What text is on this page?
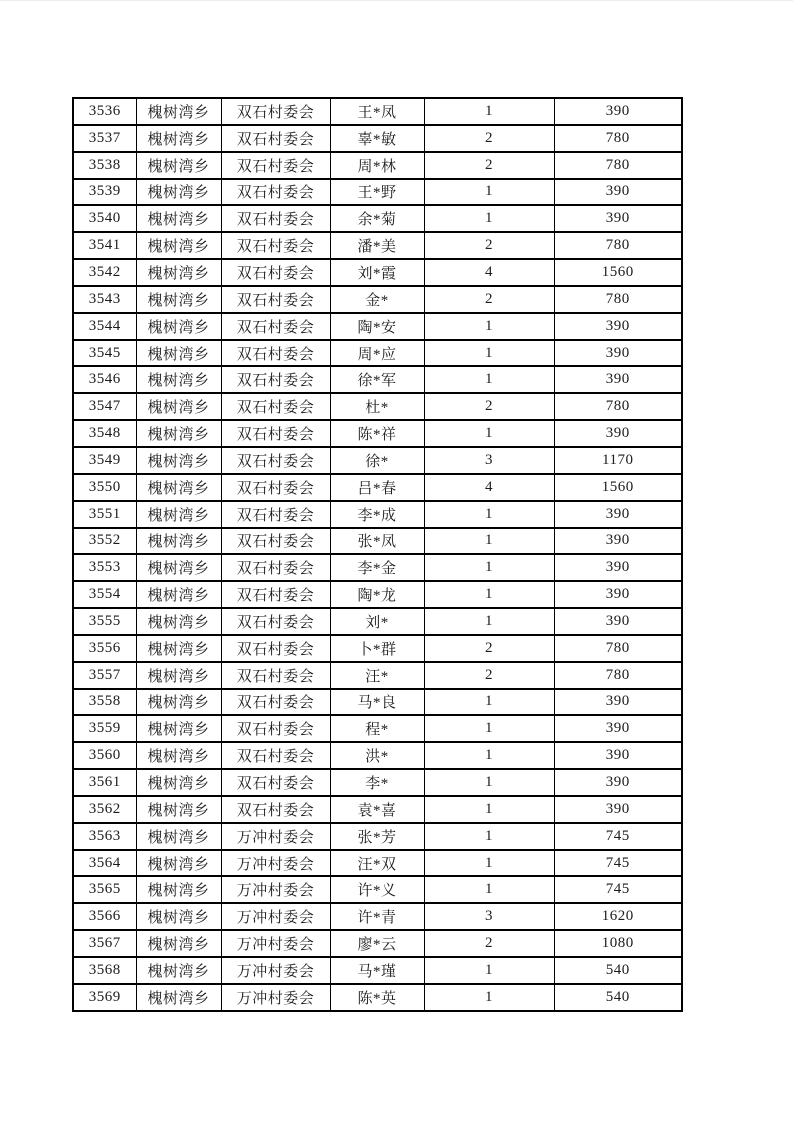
3536	槐树湾乡	双石村委会	王*凤	1	390
3537	槐树湾乡	双石村委会	辜*敏	2	780
3538	槐树湾乡	双石村委会	周*林	2	780
3539	槐树湾乡	双石村委会	王*野	1	390
3540	槐树湾乡	双石村委会	余*菊	1	390
3541	槐树湾乡	双石村委会	潘*美	2	780
3542	槐树湾乡	双石村委会	刘*霞	4	1560
3543	槐树湾乡	双石村委会	金*	2	780
3544	槐树湾乡	双石村委会	陶*安	1	390
3545	槐树湾乡	双石村委会	周*应	1	390
3546	槐树湾乡	双石村委会	徐*军	1	390
3547	槐树湾乡	双石村委会	杜*	2	780
3548	槐树湾乡	双石村委会	陈*祥	1	390
3549	槐树湾乡	双石村委会	徐*	3	1170
3550	槐树湾乡	双石村委会	吕*春	4	1560
3551	槐树湾乡	双石村委会	李*成	1	390
3552	槐树湾乡	双石村委会	张*凤	1	390
3553	槐树湾乡	双石村委会	李*金	1	390
3554	槐树湾乡	双石村委会	陶*龙	1	390
3555	槐树湾乡	双石村委会	刘*	1	390
3556	槐树湾乡	双石村委会	卜*群	2	780
3557	槐树湾乡	双石村委会	汪*	2	780
3558	槐树湾乡	双石村委会	马*良	1	390
3559	槐树湾乡	双石村委会	程*	1	390
3560	槐树湾乡	双石村委会	洪*	1	390
3561	槐树湾乡	双石村委会	李*	1	390
3562	槐树湾乡	双石村委会	袁*喜	1	390
3563	槐树湾乡	万冲村委会	张*芳	1	745
3564	槐树湾乡	万冲村委会	汪*双	1	745
3565	槐树湾乡	万冲村委会	许*义	1	745
3566	槐树湾乡	万冲村委会	许*青	3	1620
3567	槐树湾乡	万冲村委会	廖*云	2	1080
3568	槐树湾乡	万冲村委会	马*瑾	1	540
3569	槐树湾乡	万冲村委会	陈*英	1	540
